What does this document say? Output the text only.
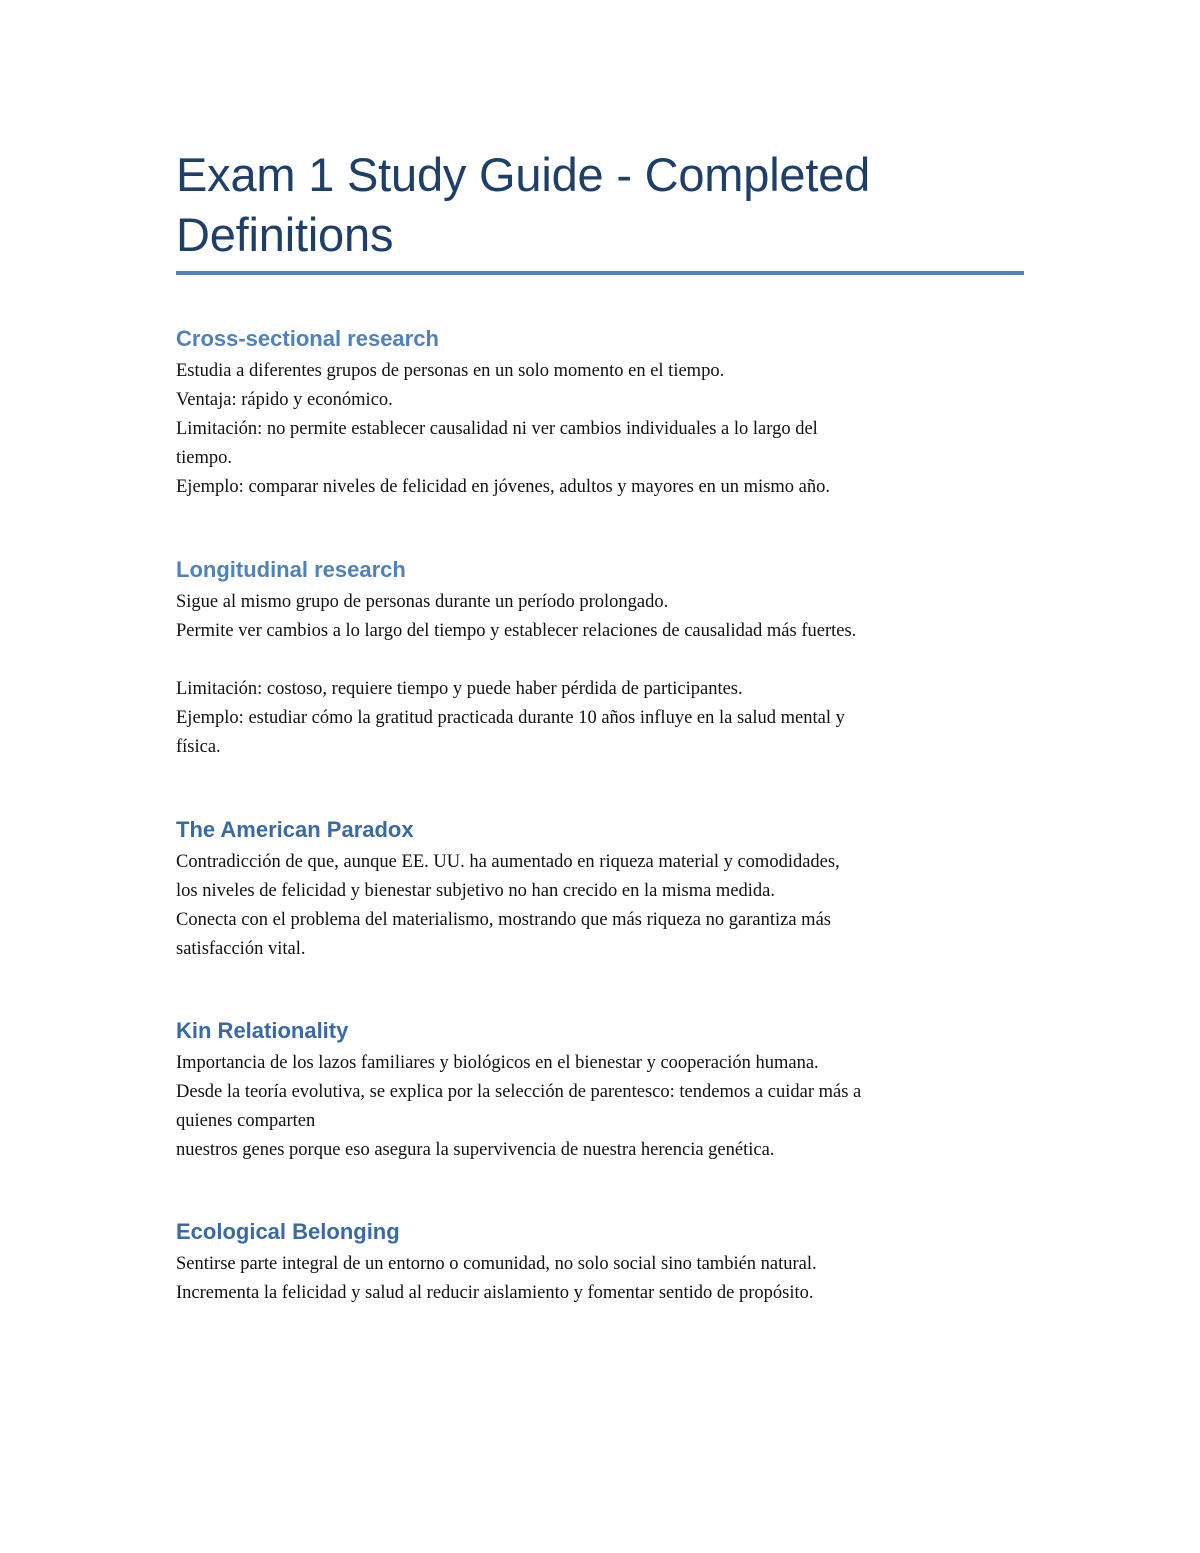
Exam 1 Study Guide - Completed
Definitions
Cross-sectional research

Estudia a diferentes grupos de personas en un solo momento en el tiempo.

Ventaja: rápido y económico.

Limitación: no permite establecer causalidad ni ver cambios individuales a lo largo del

tiempo.

Ejemplo: comparar niveles de felicidad en jóvenes, adultos y mayores en un mismo año.

Longitudinal research

Sigue al mismo grupo de personas durante un período prolongado.

Permite ver cambios a lo largo del tiempo y establecer relaciones de causalidad más fuertes.

Limitación: costoso, requiere tiempo y puede haber pérdida de participantes.

Ejemplo: estudiar cómo la gratitud practicada durante 10 años influye en la salud mental y

física.

The American Paradox

Contradicción de que, aunque EE. UU. ha aumentado en riqueza material y comodidades,

los niveles de felicidad y bienestar subjetivo no han crecido en la misma medida.

Conecta con el problema del materialismo, mostrando que más riqueza no garantiza más

satisfacción vital.

Kin Relationality

Importancia de los lazos familiares y biológicos en el bienestar y cooperación humana.

Desde la teoría evolutiva, se explica por la selección de parentesco: tendemos a cuidar más a

quienes comparten

nuestros genes porque eso asegura la supervivencia de nuestra herencia genética.

Ecological Belonging

Sentirse parte integral de un entorno o comunidad, no solo social sino también natural.

Incrementa la felicidad y salud al reducir aislamiento y fomentar sentido de propósito.
